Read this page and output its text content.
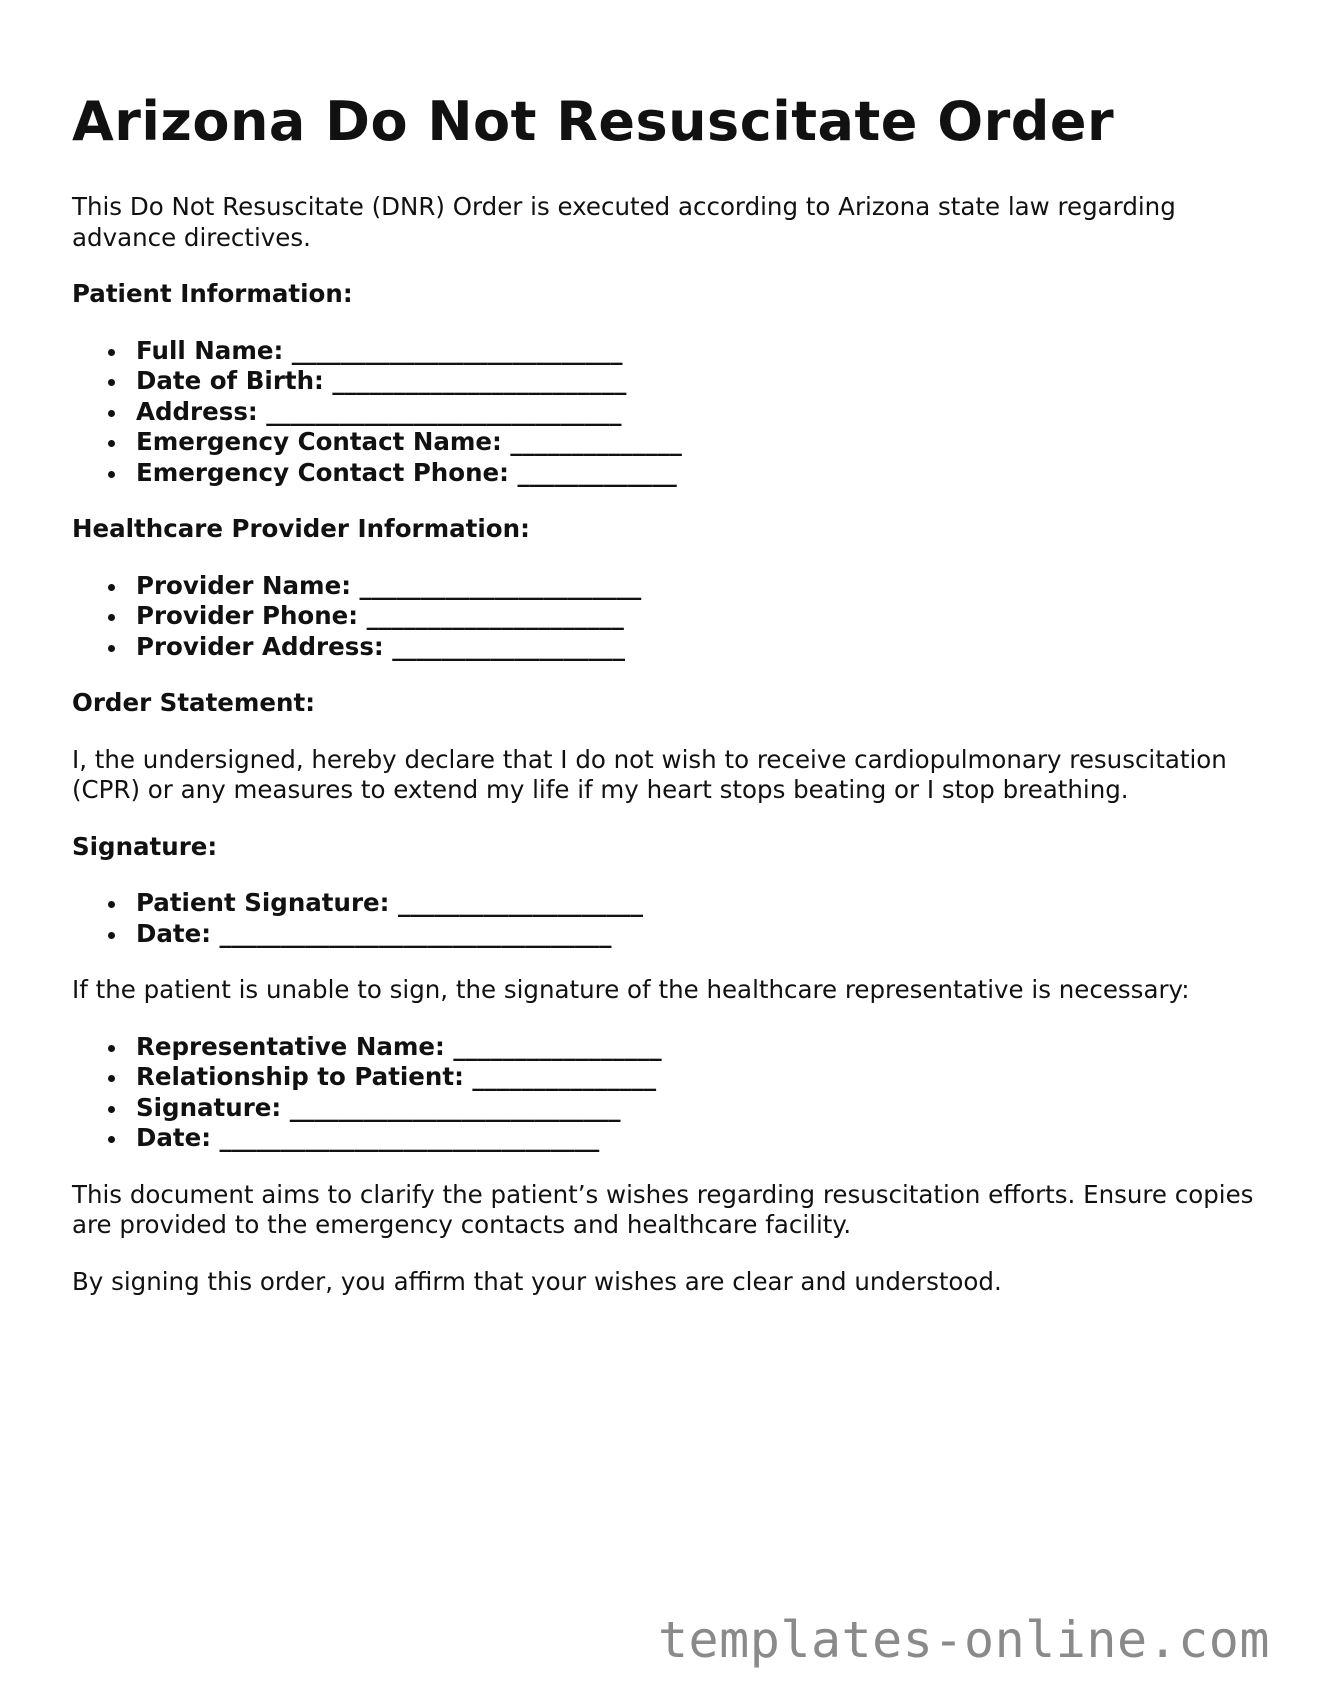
Arizona Do Not Resuscitate Order

This Do Not Resuscitate (DNR) Order is executed according to Arizona state law regarding advance directives.

Patient Information:
Full Name: ___________________________
Date of Birth: ________________________
Address: _____________________________
Emergency Contact Name: ______________
Emergency Contact Phone: _____________
Healthcare Provider Information:
Provider Name: _______________________
Provider Phone: _____________________
Provider Address: ___________________
Order Statement:

I, the undersigned, hereby declare that I do not wish to receive cardiopulmonary resuscitation (CPR) or any measures to extend my life if my heart stops beating or I stop breathing.

Signature:
Patient Signature: ____________________
Date: ________________________________

If the patient is unable to sign, the signature of the healthcare representative is necessary:

Representative Name: _________________
Relationship to Patient: _______________
Signature: ___________________________
Date: _______________________________

This document aims to clarify the patient’s wishes regarding resuscitation efforts. Ensure copies are provided to the emergency contacts and healthcare facility.

By signing this order, you affirm that your wishes are clear and understood.

templates-online.com
